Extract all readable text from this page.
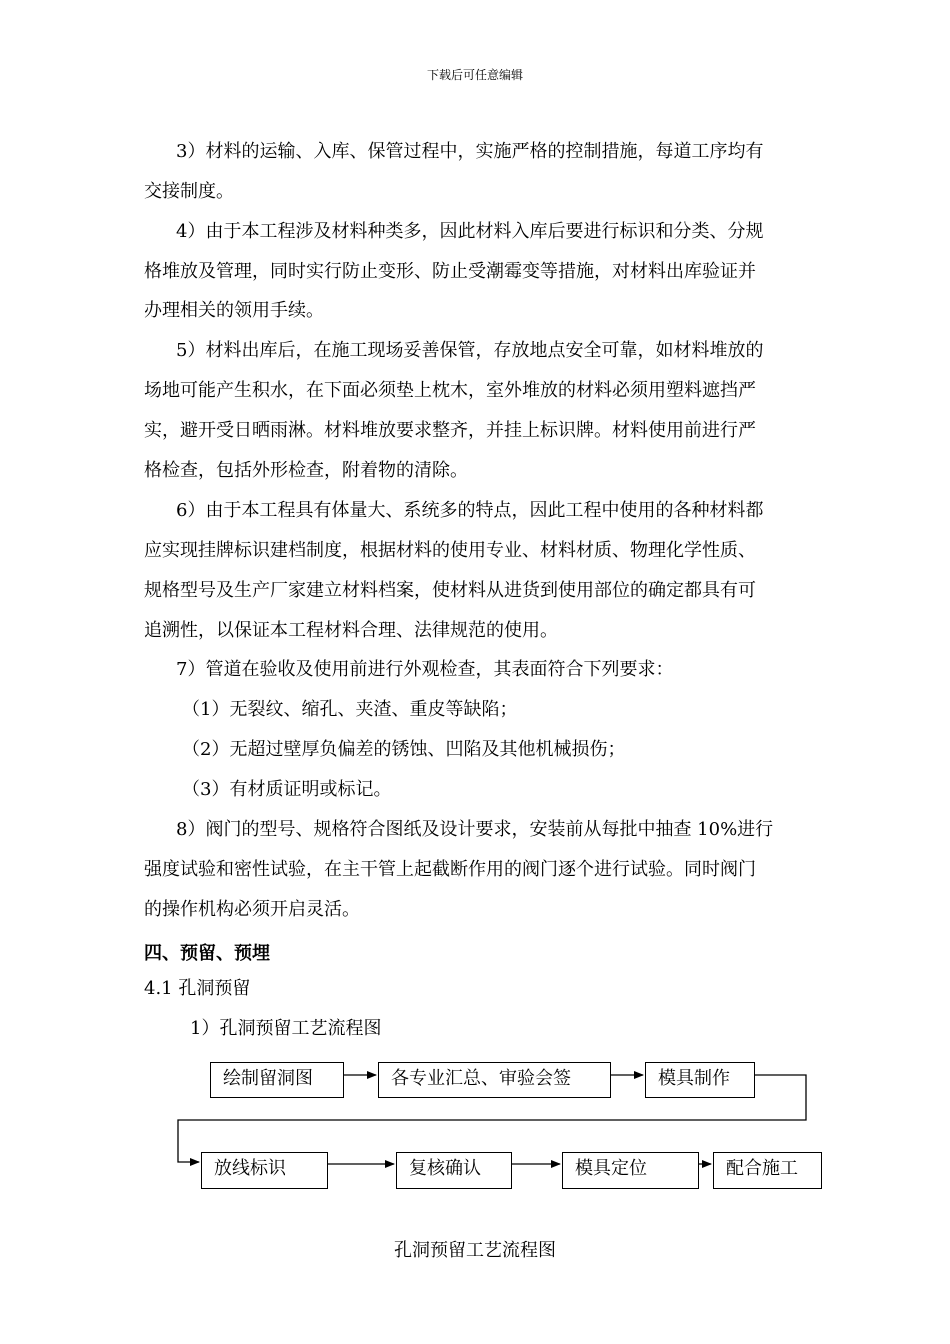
下载后可任意编辑
3）材料的运输、入库、保管过程中，实施严格的控制措施，每道工序均有
交接制度。
4）由于本工程涉及材料种类多，因此材料入库后要进行标识和分类、分规
格堆放及管理，同时实行防止变形、防止受潮霉变等措施，对材料出库验证并
办理相关的领用手续。
5）材料出库后，在施工现场妥善保管，存放地点安全可靠，如材料堆放的
场地可能产生积水，在下面必须垫上枕木，室外堆放的材料必须用塑料遮挡严
实，避开受日晒雨淋。材料堆放要求整齐，并挂上标识牌。材料使用前进行严
格检查，包括外形检查，附着物的清除。
6）由于本工程具有体量大、系统多的特点，因此工程中使用的各种材料都
应实现挂牌标识建档制度，根据材料的使用专业、材料材质、物理化学性质、
规格型号及生产厂家建立材料档案，使材料从进货到使用部位的确定都具有可
追溯性，以保证本工程材料合理、法律规范的使用。
7）管道在验收及使用前进行外观检查，其表面符合下列要求：
（1）无裂纹、缩孔、夹渣、重皮等缺陷；
（2）无超过壁厚负偏差的锈蚀、凹陷及其他机械损伤；
（3）有材质证明或标记。
8）阀门的型号、规格符合图纸及设计要求，安装前从每批中抽查 10%进行
强度试验和密性试验，在主干管上起截断作用的阀门逐个进行试验。同时阀门
的操作机构必须开启灵活。
四、预留、预埋
4.1 孔洞预留
1）孔洞预留工艺流程图
绘制留洞图	各专业汇总、审验会签	模具制作
放线标识	复核确认	模具定位	配合施工
孔洞预留工艺流程图
